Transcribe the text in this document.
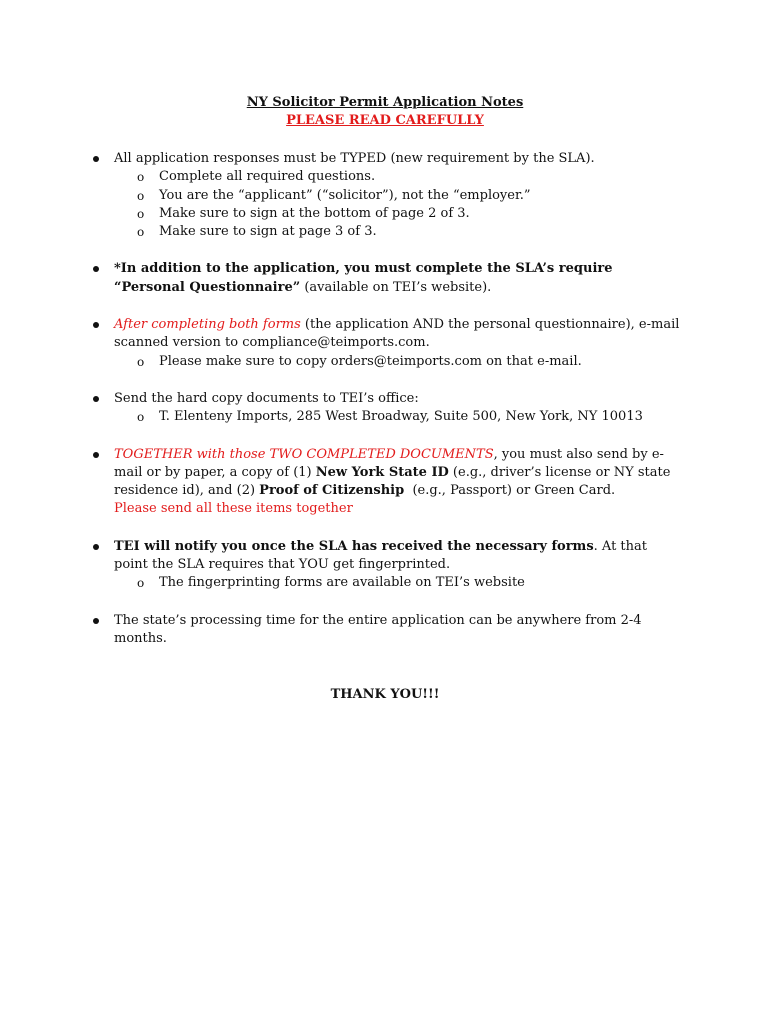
NY Solicitor Permit Application Notes

PLEASE READ CAREFULLY

All application responses must be TYPED (new requirement by the SLA).
o Complete all required questions.
o You are the “applicant” (“solicitor”), not the “employer.”
o Make sure to sign at the bottom of page 2 of 3.
o Make sure to sign at page 3 of 3.
*In addition to the application, you must complete the SLA’s require “Personal Questionnaire” (available on TEI’s website).
After completing both forms (the application AND the personal questionnaire), e-mail scanned version to compliance@teimports.com.
o Please make sure to copy orders@teimports.com on that e-mail.
Send the hard copy documents to TEI’s office:
o T. Elenteny Imports, 285 West Broadway, Suite 500, New York, NY 10013
TOGETHER with those TWO COMPLETED DOCUMENTS, you must also send by e- mail or by paper, a copy of (1) New York State ID (e.g., driver’s license or NY state residence id), and (2) Proof of Citizenship  (e.g., Passport) or Green Card.
Please send all these items together
TEI will notify you once the SLA has received the necessary forms. At that point the SLA requires that YOU get fingerprinted.
o The fingerprinting forms are available on TEI’s website
The state’s processing time for the entire application can be anywhere from 2-4 months.
THANK YOU!!!
